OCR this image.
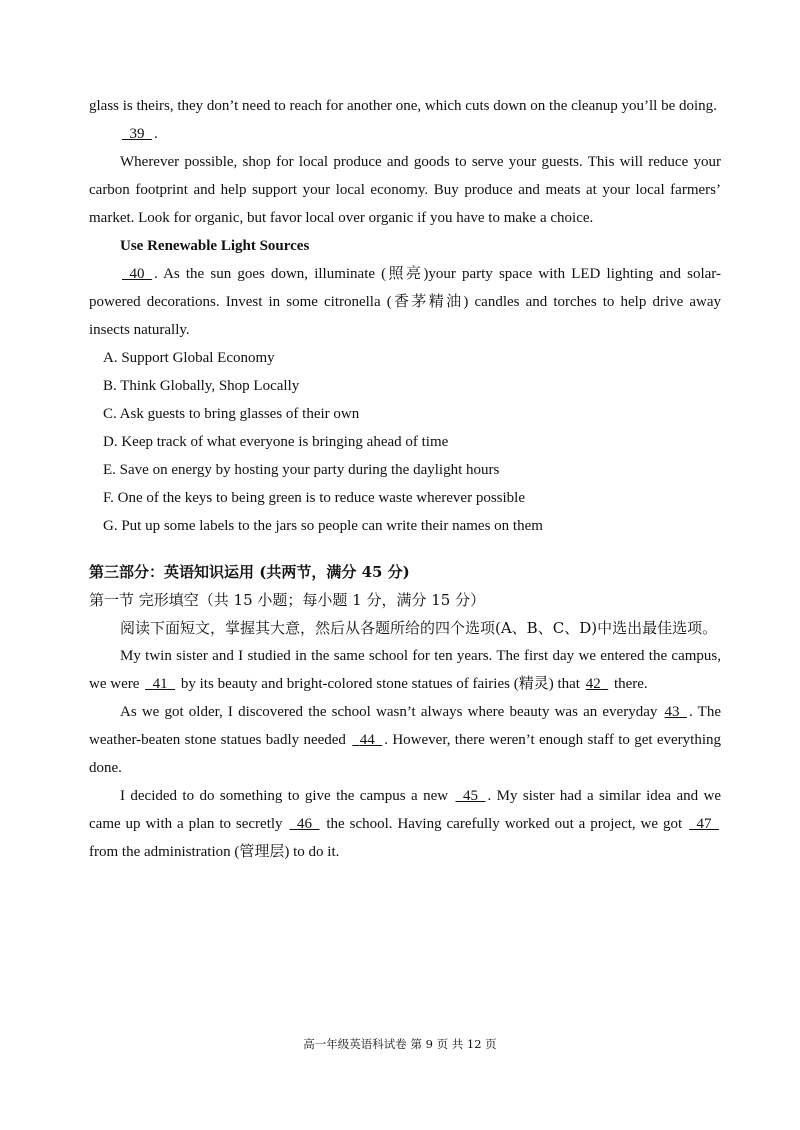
glass is theirs, they don’t need to reach for another one, which cuts down on the cleanup you’ll be doing.

39 .

Wherever possible, shop for local produce and goods to serve your guests. This will reduce your carbon footprint and help support your local economy. Buy produce and meats at your local farmers’ market. Look for organic, but favor local over organic if you have to make a choice.

Use Renewable Light Sources

40 . As the sun goes down, illuminate (照亮)your party space with LED lighting and solar-powered decorations. Invest in some citronella (香茅精油) candles and torches to help drive away insects naturally.

A. Support Global Economy

B. Think Globally, Shop Locally

C. Ask guests to bring glasses of their own

D. Keep track of what everyone is bringing ahead of time

E. Save on energy by hosting your party during the daylight hours

F. One of the keys to being green is to reduce waste wherever possible

G. Put up some labels to the jars so people can write their names on them

第三部分：英语知识运用 (共两节，满分 45 分)

第一节 完形填空（共 15 小题；每小题 1 分，满分 15 分）

阅读下面短文，掌握其大意，然后从各题所给的四个选项(A、B、C、D)中选出最佳选项。

My twin sister and I studied in the same school for ten years. The first day we entered the campus, we were 41 by its beauty and bright-colored stone statues of fairies (精灵) that 42 there.

As we got older, I discovered the school wasn’t always where beauty was an everyday 43 . The weather-beaten stone statues badly needed 44 . However, there weren’t enough staff to get everything done.

I decided to do something to give the campus a new 45 . My sister had a similar idea and we came up with a plan to secretly 46 the school. Having carefully worked out a project, we got 47   from the administration (管理层) to do it.

高一年级英语科试卷 第 9 页 共 12 页
